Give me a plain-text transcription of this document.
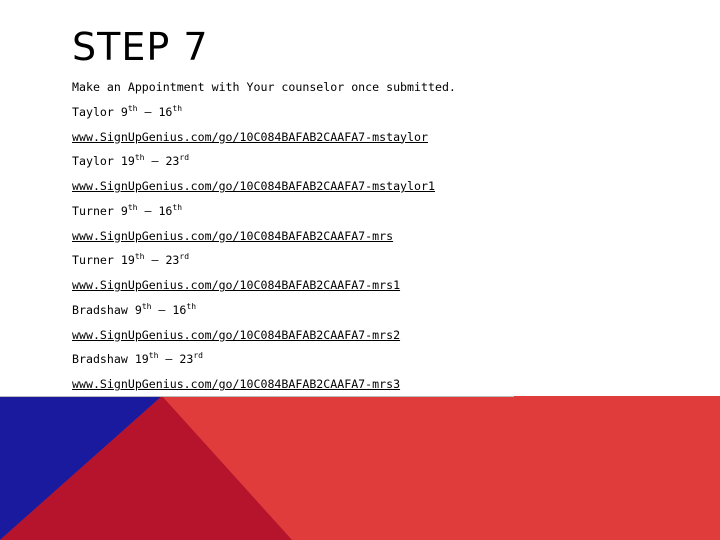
STEP 7
Make an Appointment with Your counselor once submitted.
Taylor 9th – 16th
www.SignUpGenius.com/go/10C084BAFAB2CAAFA7-mstaylor
Taylor 19th – 23rd
www.SignUpGenius.com/go/10C084BAFAB2CAAFA7-mstaylor1
Turner 9th – 16th
www.SignUpGenius.com/go/10C084BAFAB2CAAFA7-mrs
Turner 19th – 23rd
www.SignUpGenius.com/go/10C084BAFAB2CAAFA7-mrs1
Bradshaw 9th – 16th
www.SignUpGenius.com/go/10C084BAFAB2CAAFA7-mrs2
Bradshaw 19th – 23rd
www.SignUpGenius.com/go/10C084BAFAB2CAAFA7-mrs3
